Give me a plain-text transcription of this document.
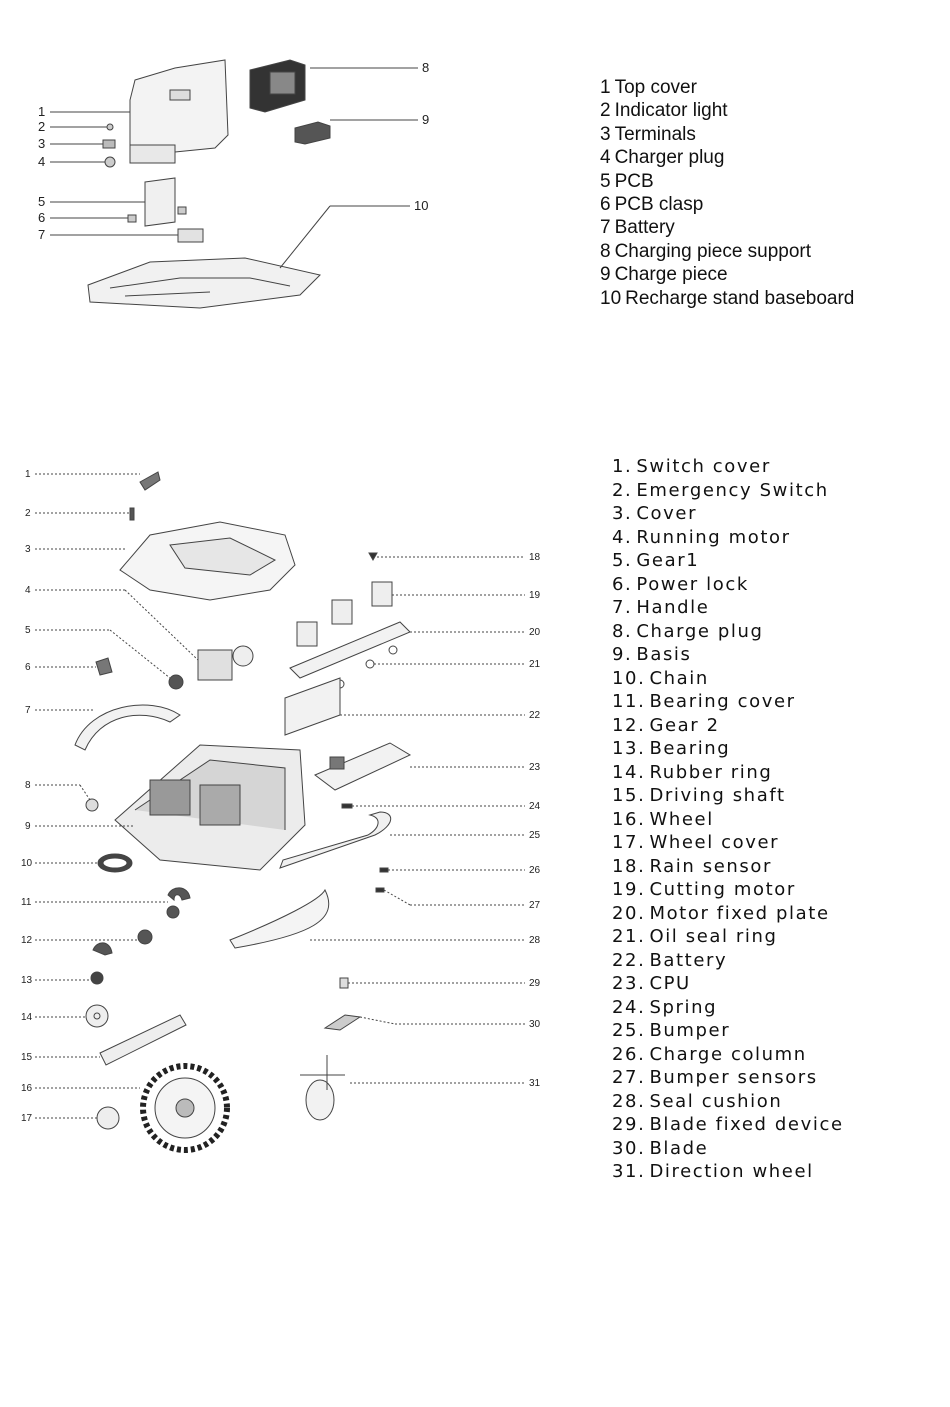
1
2
3
4
5
6
7
8
9
10
1 Top cover
2 Indicator light
3 Terminals
4 Charger plug
5 PCB
6 PCB clasp
7 Battery
8 Charging piece support
9 Charge piece
10 Recharge stand baseboard
1
2
3
4
5
6
7
8
9
10
11
12
13
14
15
16
17
18
19
20
21
22
23
24
25
26
27
28
29
30
31
1. Switch cover
2. Emergency Switch
3. Cover
4. Running motor
5. Gear1
6. Power lock
7. Handle
8. Charge plug
9. Basis
10. Chain
11. Bearing cover
12. Gear 2
13. Bearing
14. Rubber ring
15. Driving shaft
16. Wheel
17. Wheel cover
18. Rain sensor
19. Cutting motor
20. Motor fixed plate
21. Oil seal ring
22. Battery
23. CPU
24. Spring
25. Bumper
26. Charge column
27. Bumper sensors
28. Seal cushion
29. Blade fixed device
30. Blade
31. Direction wheel
